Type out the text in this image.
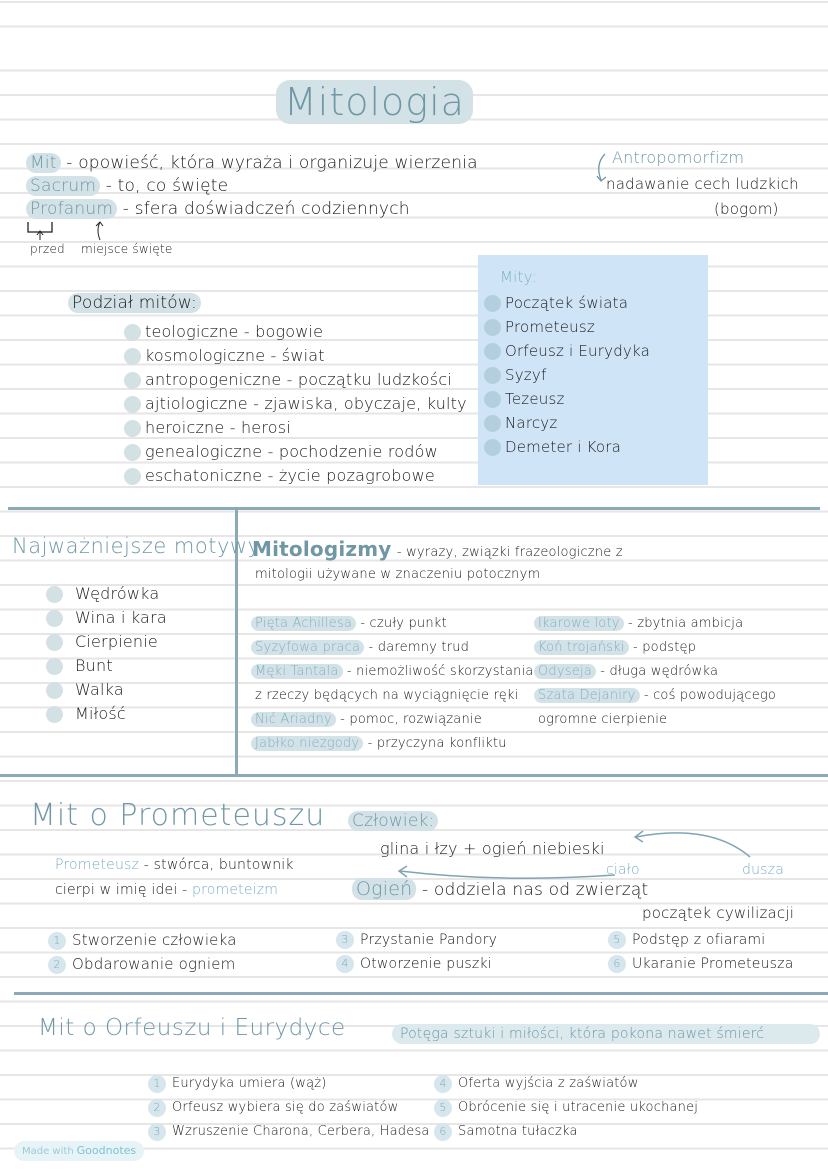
Mitologia
Mit - opowieść, która wyraża i organizuje wierzenia
Sacrum - to, co święte
Profanum - sfera doświadczeń codziennych
przed miejsce święte
Antropomorfizm
nadawanie cech ludzkich
(bogom)
Podział mitów:
teologiczne - bogowie
kosmologiczne - świat
antropogeniczne - początku ludzkości
ajtiologiczne - zjawiska, obyczaje, kulty
heroiczne - herosi
genealogiczne - pochodzenie rodów
eschatoniczne - życie pozagrobowe
Mity:
Początek świata
Prometeusz
Orfeusz i Eurydyka
Syzyf
Tezeusz
Narcyz
Demeter i Kora
Najważniejsze motywy
Wędrówka
Wina i kara
Cierpienie
Bunt
Walka
Miłość
Mitologizmy - wyrazy, związki frazeologiczne z
mitologii używane w znaczeniu potocznym
Pięta Achillesa - czuły punkt
Syzyfowa praca - daremny trud
Męki Tantala - niemożliwość skorzystania
z rzeczy będących na wyciągnięcie ręki
Nić Ariadny - pomoc, rozwiązanie
Jabłko niezgody - przyczyna konfliktu
Ikarowe loty - zbytnia ambicja
Koń trojański - podstęp
Odyseja - długa wędrówka
Szata Dejaniry - coś powodującego
ogromne cierpienie
Mit o Prometeuszu
Prometeusz - stwórca, buntownik
cierpi w imię idei - prometeizm
Człowiek:
glina i łzy + ogień niebieski
ciało	dusza
Ogień - oddziela nas od zwierząt
początek cywilizacji
1 Stworzenie człowieka
2 Obdarowanie ogniem
3 Przystanie Pandory
4 Otworzenie puszki
5 Podstęp z ofiarami
6 Ukaranie Prometeusza
Mit o Orfeuszu i Eurydyce	Potęga sztuki i miłości, która pokona nawet śmierć
1 Eurydyka umiera (wąż)
2 Orfeusz wybiera się do zaświatów
3 Wzruszenie Charona, Cerbera, Hadesa
4 Oferta wyjścia z zaświatów
5 Obrócenie się i utracenie ukochanej
6 Samotna tułaczka
Made with Goodnotes
